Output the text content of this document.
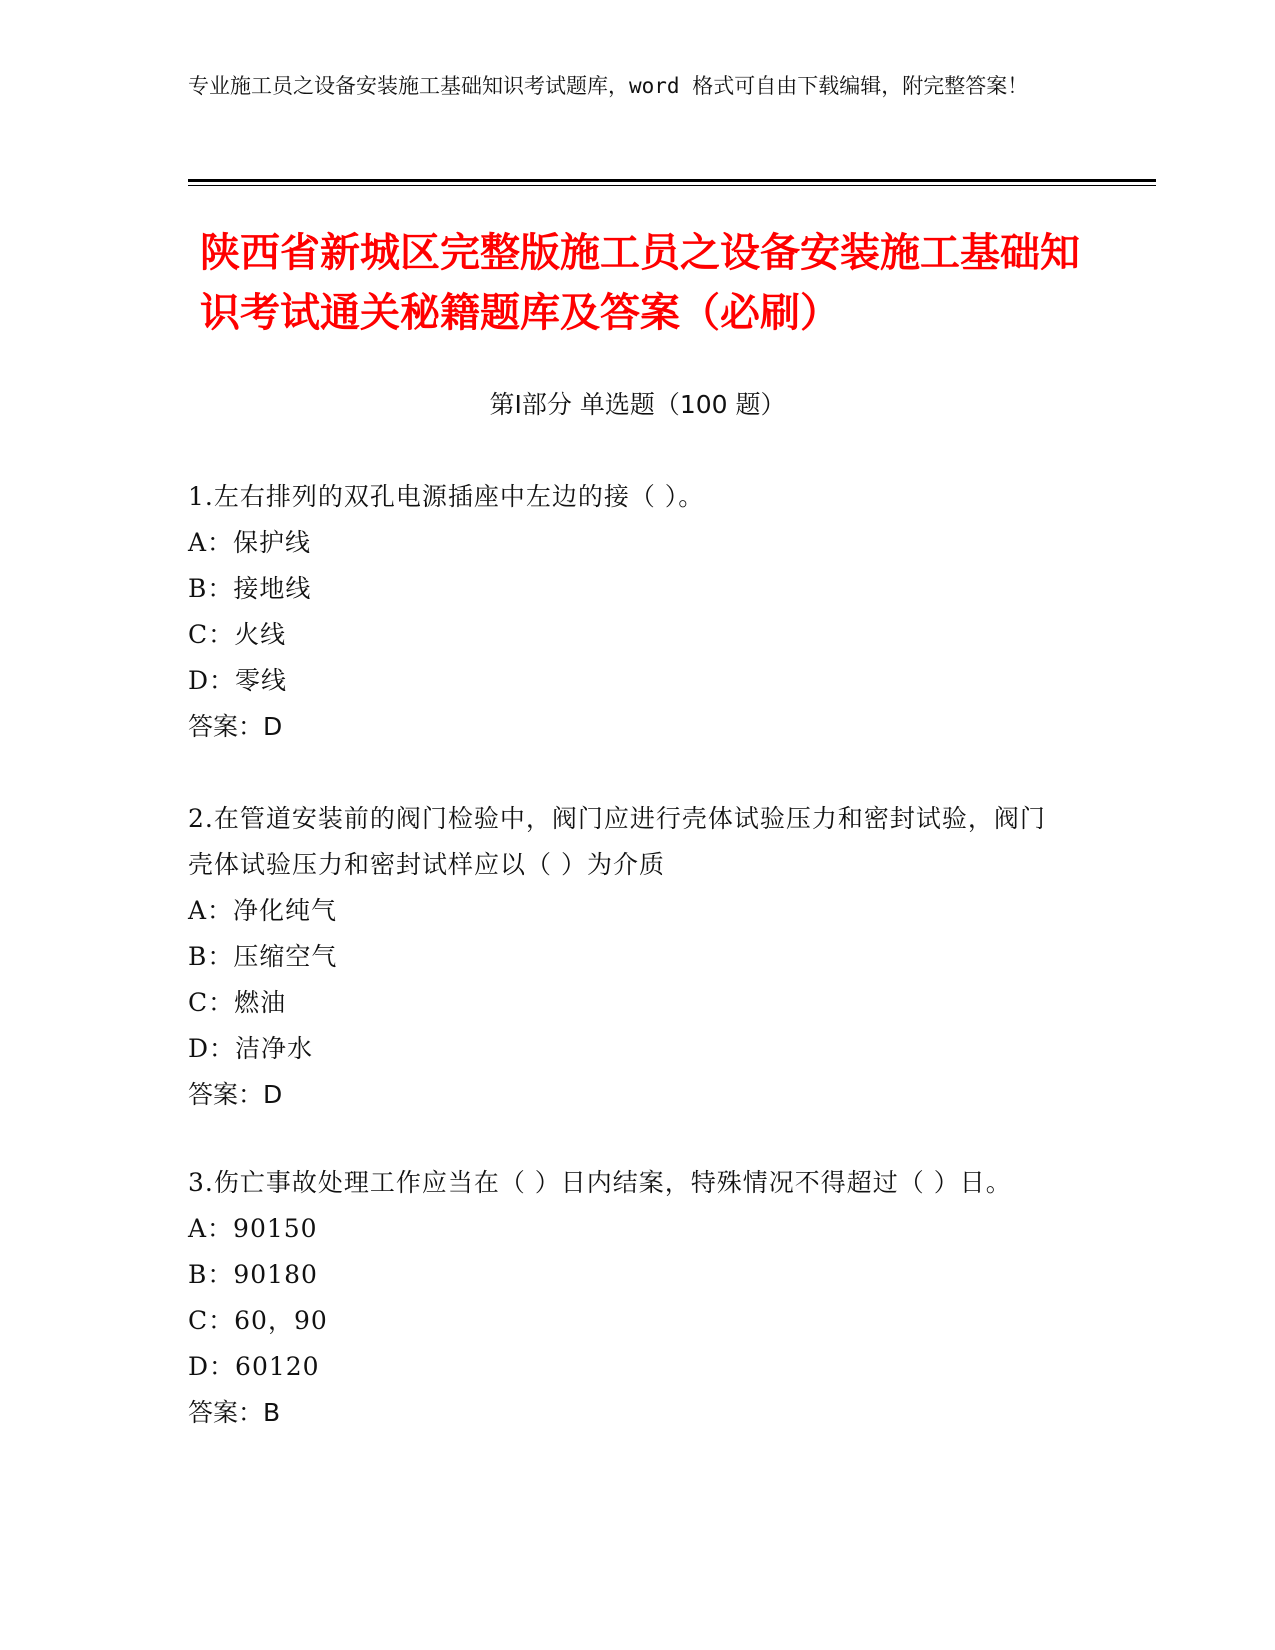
专业施工员之设备安装施工基础知识考试题库，word 格式可自由下载编辑，附完整答案！
陕西省新城区完整版施工员之设备安装施工基础知识考试通关秘籍题库及答案（必刷）
第Ⅰ部分 单选题（100 题）

1.左右排列的双孔电源插座中左边的接（ ）。

A：保护线

B：接地线

C：火线

D：零线

答案：D

2.在管道安装前的阀门检验中，阀门应进行壳体试验压力和密封试验，阀门壳体试验压力和密封试样应以（ ）为介质

A：净化纯气

B：压缩空气

C：燃油

D：洁净水

答案：D

3.伤亡事故处理工作应当在（ ）日内结案，特殊情况不得超过（ ）日。

A：90150

B：90180

C：60，90

D：60120

答案：B
